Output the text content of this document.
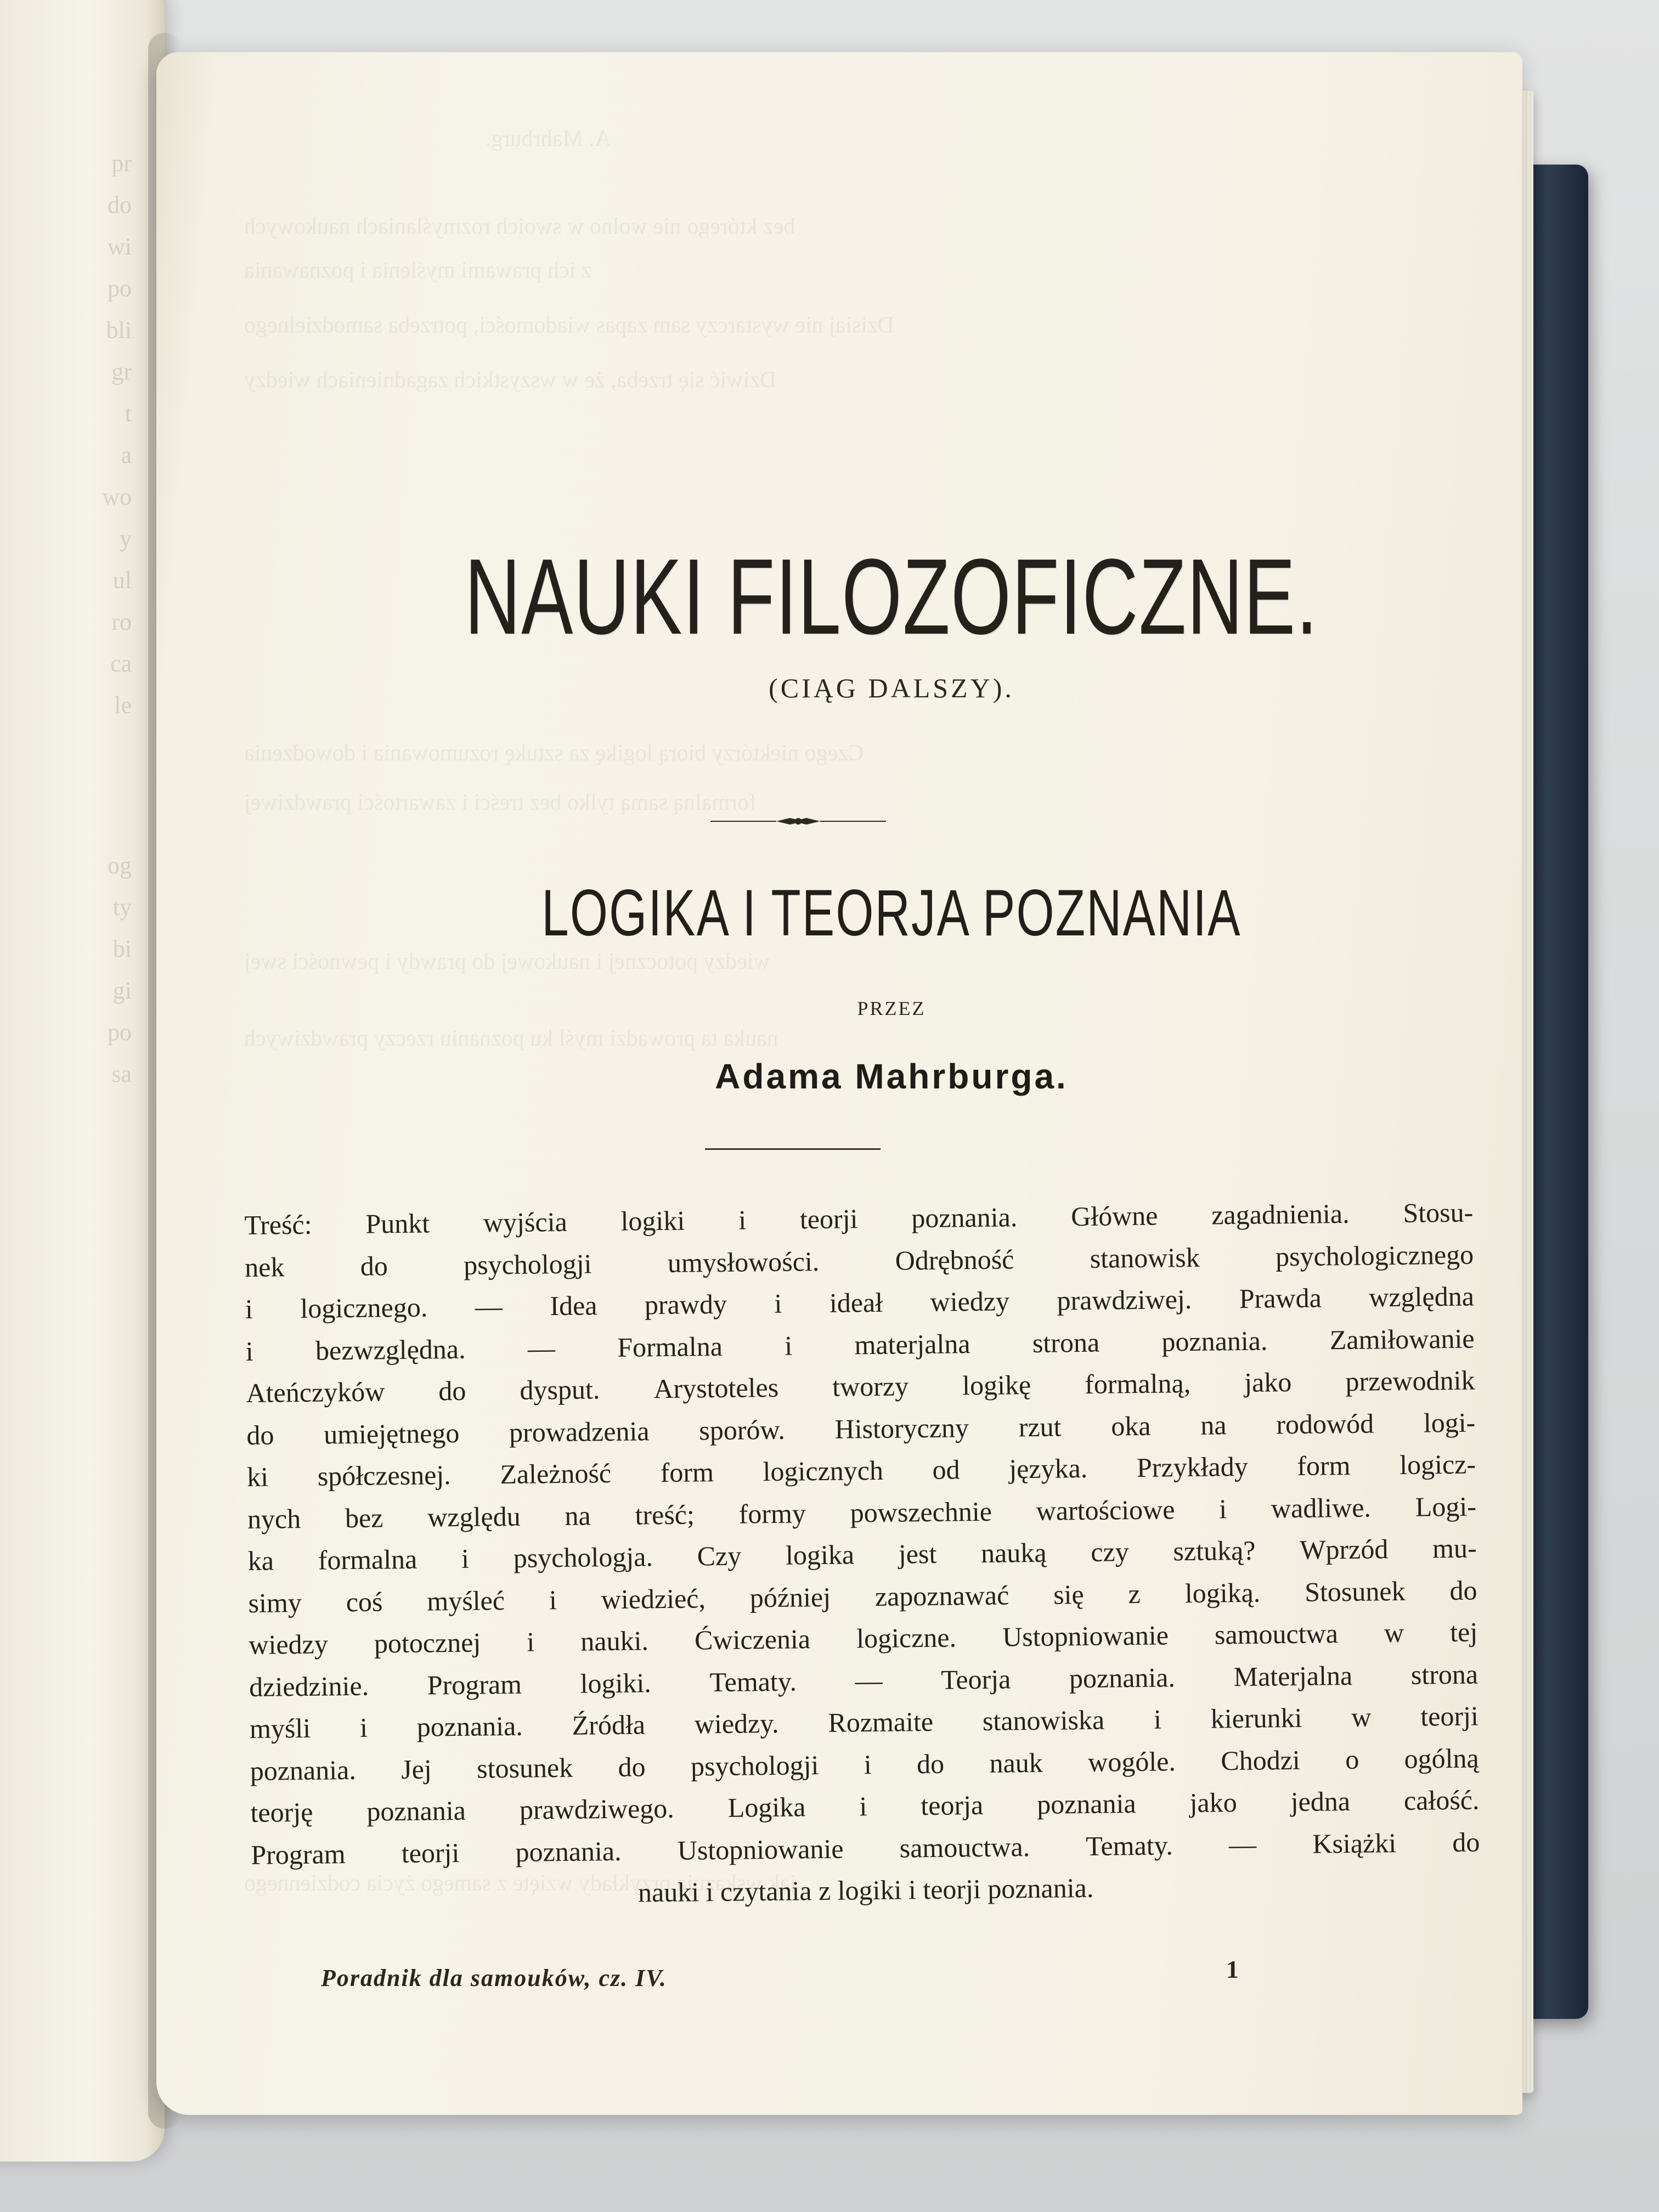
pr
do
wi
po
bli
gr
t
a
wo
y
ul
ro
ca
le
og
ty
bi
gi
po
sa
A. Mahrburg.
bez którego nie wolno w swoich rozmyślaniach naukowych
z ich prawami myślenia i poznawania
Dzisiaj nie wystarczy sam zapas wiadomości, potrzeba samodzielnego
Dziwić się trzeba, że w wszystkich zagadnieniach wiedzy
Czego niektórzy biorą logikę za sztukę rozumowania i dowodzenia
formalną samą tylko bez treści i zawartości prawdziwej
wiedzy potocznej i naukowej do prawdy i pewności swej
nauka ta prowadzi myśl ku poznaniu rzeczy prawdziwych
jak wskazują przykłady wzięte z samego życia codziennego
NAUKI FILOZOFICZNE.
(CIĄG DALSZY).
LOGIKA I TEORJA POZNANIA
PRZEZ
Adama Mahrburga.
Treść: Punkt wyjścia logiki i teorji poznania. Główne zagadnienia. Stosu-
nek	do	psychologji	umysłowości.	Odrębność	stanowisk	psychologicznego
i logicznego. — Idea prawdy i ideał wiedzy prawdziwej. Prawda względna
i bezwzględna. — Formalna i materjalna strona poznania. Zamiłowanie
Ateńczyków do dysput. Arystoteles tworzy logikę formalną, jako przewodnik
do umiejętnego prowadzenia sporów. Historyczny rzut oka na rodowód logi-
ki spółczesnej. Zależność form logicznych od języka. Przykłady form logicz-
nych bez względu na treść; formy powszechnie wartościowe i wadliwe. Logi-
ka formalna i psychologja. Czy logika jest nauką czy sztuką? Wprzód mu-
simy coś myśleć i wiedzieć, później zapoznawać się z logiką. Stosunek do
wiedzy potocznej i nauki. Ćwiczenia logiczne. Ustopniowanie samouctwa w tej
dziedzinie. Program logiki. Tematy. — Teorja poznania. Materjalna strona
myśli i poznania. Źródła wiedzy. Rozmaite stanowiska i kierunki w teorji
poznania. Jej stosunek do psychologji i do nauk wogóle. Chodzi o ogólną
teorję poznania prawdziwego. Logika i teorja poznania jako jedna całość.
Program teorji poznania. Ustopniowanie samouctwa. Tematy. — Książki do
nauki i czytania z logiki i teorji poznania.
Poradnik dla samouków, cz. IV.	1
